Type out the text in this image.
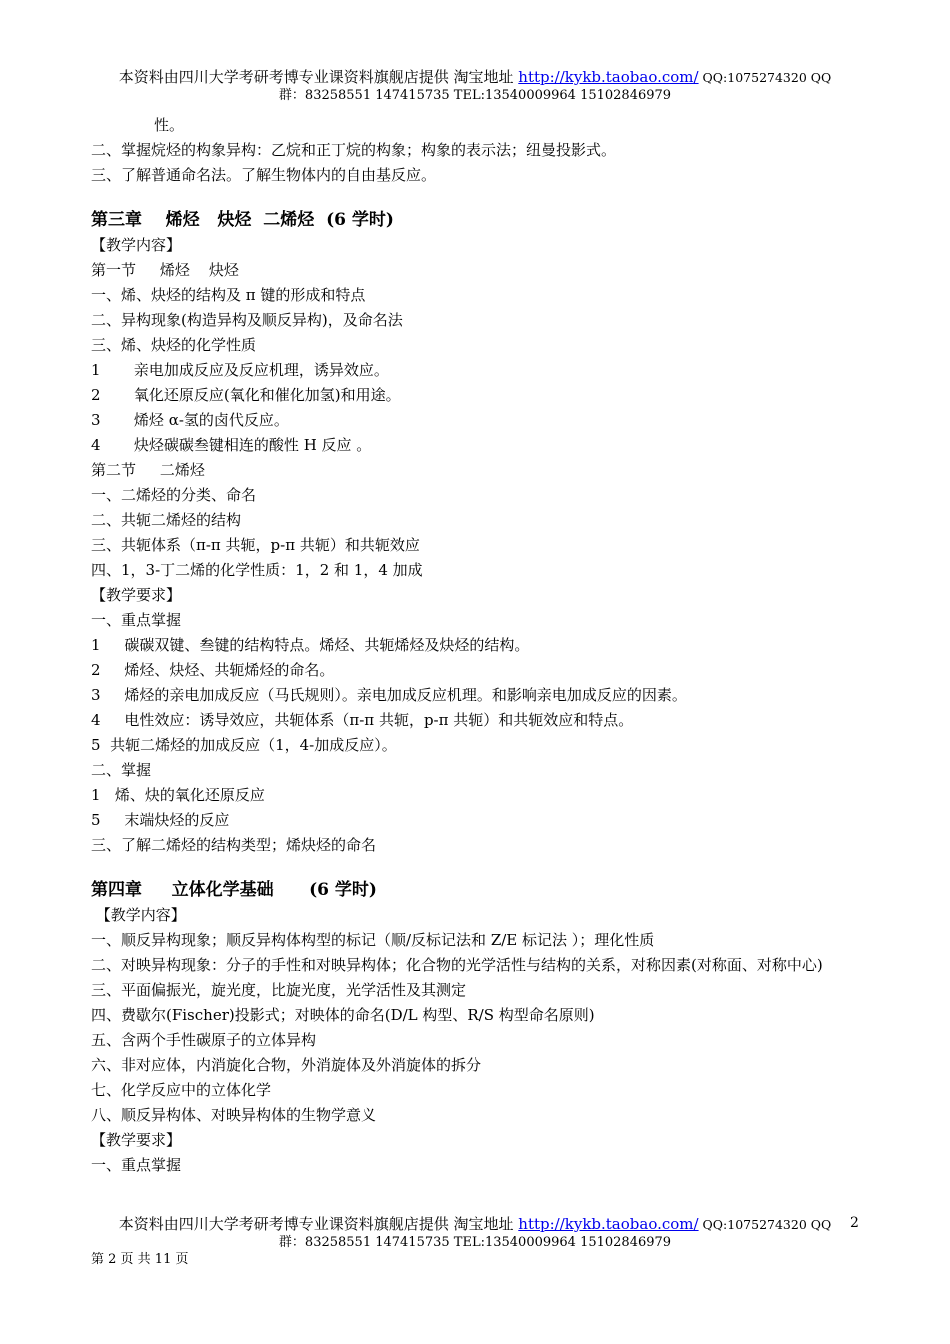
本资料由四川大学考研考博专业课资料旗舰店提供 淘宝地址 http://kykb.taobao.com/ QQ:1075274320 QQ
群：83258551 147415735 TEL:13540009964 15102846979
性。
二、掌握烷烃的构象异构：乙烷和正丁烷的构象；构象的表示法；纽曼投影式。
三、了解普通命名法。了解生物体内的自由基反应。
第三章    烯烃   炔烃  二烯烃  (6 学时)
【教学内容】
第一节     烯烃    炔烃
一、烯、炔烃的结构及 π 键的形成和特点
二、异构现象(构造异构及顺反异构)，及命名法
三、烯、炔烃的化学性质
1       亲电加成反应及反应机理，诱异效应。
2       氧化还原反应(氧化和催化加氢)和用途。
3       烯烃 α-氢的卤代反应。
4       炔烃碳碳叁键相连的酸性 H 反应 。
第二节     二烯烃
一、二烯烃的分类、命名
二、共轭二烯烃的结构
三、共轭体系（π-π 共轭，p-π 共轭）和共轭效应
四、1，3-丁二烯的化学性质：1，2 和 1，4 加成
【教学要求】
一、重点掌握
1     碳碳双键、叁键的结构特点。烯烃、共轭烯烃及炔烃的结构。
2     烯烃、炔烃、共轭烯烃的命名。
3     烯烃的亲电加成反应（马氏规则）。亲电加成反应机理。和影响亲电加成反应的因素。
4     电性效应：诱导效应，共轭体系（π-π 共轭，p-π 共轭）和共轭效应和特点。
5  共轭二烯烃的加成反应（1，4-加成反应）。
二、掌握
1   烯、炔的氧化还原反应
5     末端炔烃的反应
三、了解二烯烃的结构类型；烯炔烃的命名
第四章     立体化学基础      (6 学时)
【教学内容】
一、顺反异构现象；顺反异构体构型的标记（顺/反标记法和 Z/E 标记法 ）；理化性质
二、对映异构现象：分子的手性和对映异构体；化合物的光学活性与结构的关系，对称因素(对称面、对称中心)
三、平面偏振光，旋光度，比旋光度，光学活性及其测定
四、费歇尔(Fischer)投影式；对映体的命名(D/L 构型、R/S 构型命名原则)
五、含两个手性碳原子的立体异构
六、非对应体，内消旋化合物，外消旋体及外消旋体的拆分
七、化学反应中的立体化学
八、顺反异构体、对映异构体的生物学意义
【教学要求】
一、重点掌握
本资料由四川大学考研考博专业课资料旗舰店提供 淘宝地址 http://kykb.taobao.com/ QQ:1075274320 QQ
群：83258551 147415735 TEL:13540009964 15102846979
2
第 2 页 共 11 页
